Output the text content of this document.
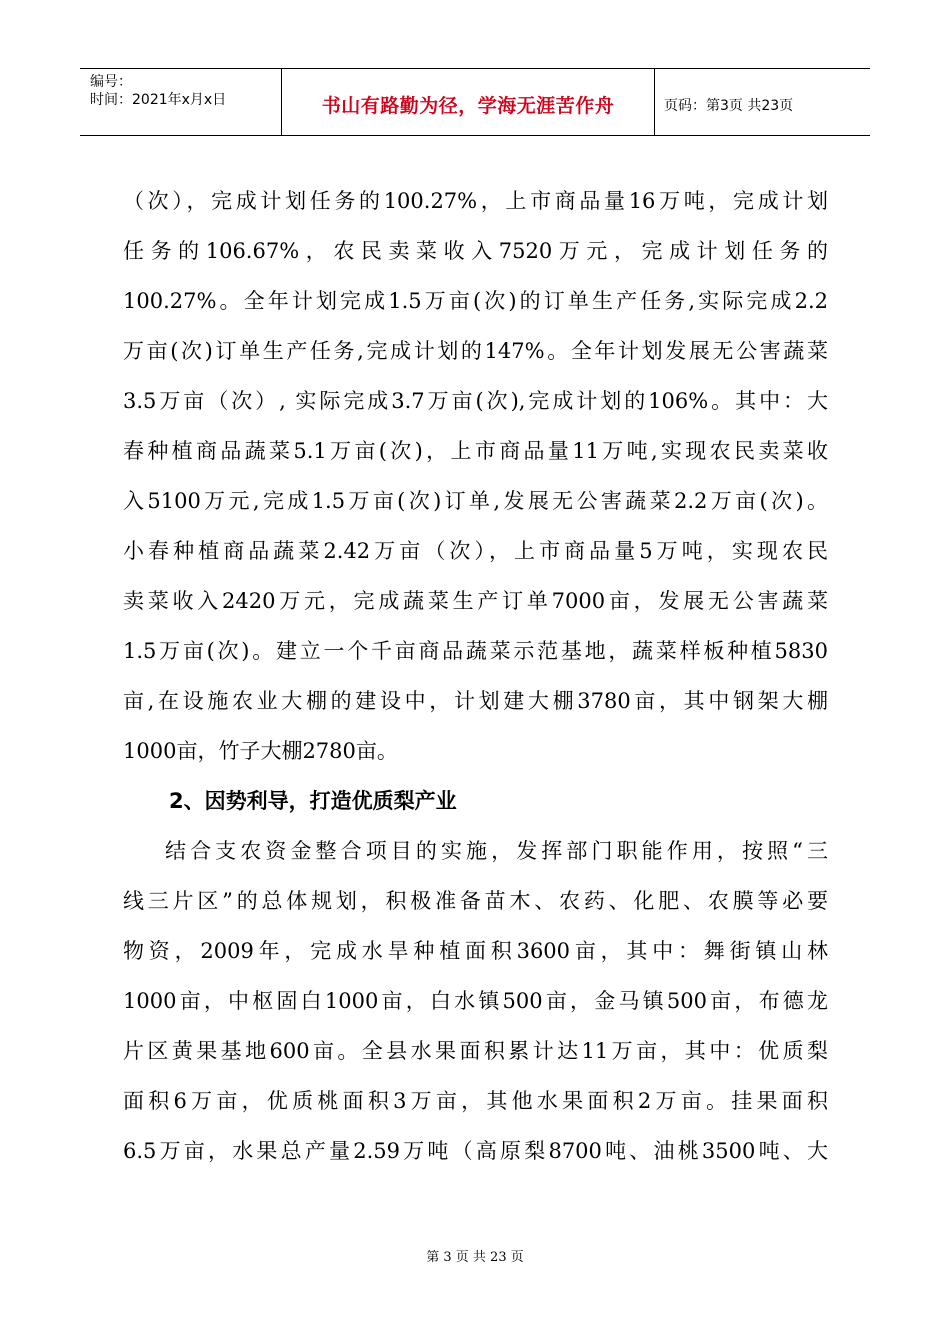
编号：
时间：2021年x月x日	书山有路勤为径，学海无涯苦作舟	页码：第3页 共23页
（次），完成计划任务的100.27%，上市商品量16万吨，完成计划
任务的106.67%，农民卖菜收入7520万元，完成计划任务的
100.27%。全年计划完成1.5万亩(次)的订单生产任务,实际完成2.2
万亩(次)订单生产任务,完成计划的147%。全年计划发展无公害蔬菜
3.5万亩（次）, 实际完成3.7万亩(次),完成计划的106%。其中：大
春种植商品蔬菜5.1万亩(次)，上市商品量11万吨,实现农民卖菜收
入5100万元,完成1.5万亩(次)订单,发展无公害蔬菜2.2万亩(次)。
小春种植商品蔬菜2.42万亩（次），上市商品量5万吨，实现农民
卖菜收入2420万元，完成蔬菜生产订单7000亩，发展无公害蔬菜
1.5万亩(次)。建立一个千亩商品蔬菜示范基地，蔬菜样板种植5830
亩,在设施农业大棚的建设中，计划建大棚3780亩，其中钢架大棚
1000亩，竹子大棚2780亩。
2、因势利导，打造优质梨产业
结合支农资金整合项目的实施，发挥部门职能作用，按照“三
线三片区”的总体规划，积极准备苗木、农药、化肥、农膜等必要
物资，2009年，完成水旱种植面积3600亩，其中：舞街镇山林
1000亩，中枢固白1000亩，白水镇500亩，金马镇500亩，布德龙
片区黄果基地600亩。全县水果面积累计达11万亩，其中：优质梨
面积6万亩，优质桃面积3万亩，其他水果面积2万亩。挂果面积
6.5万亩，水果总产量2.59万吨（高原梨8700吨、油桃3500吨、大
第 3 页 共 23 页
